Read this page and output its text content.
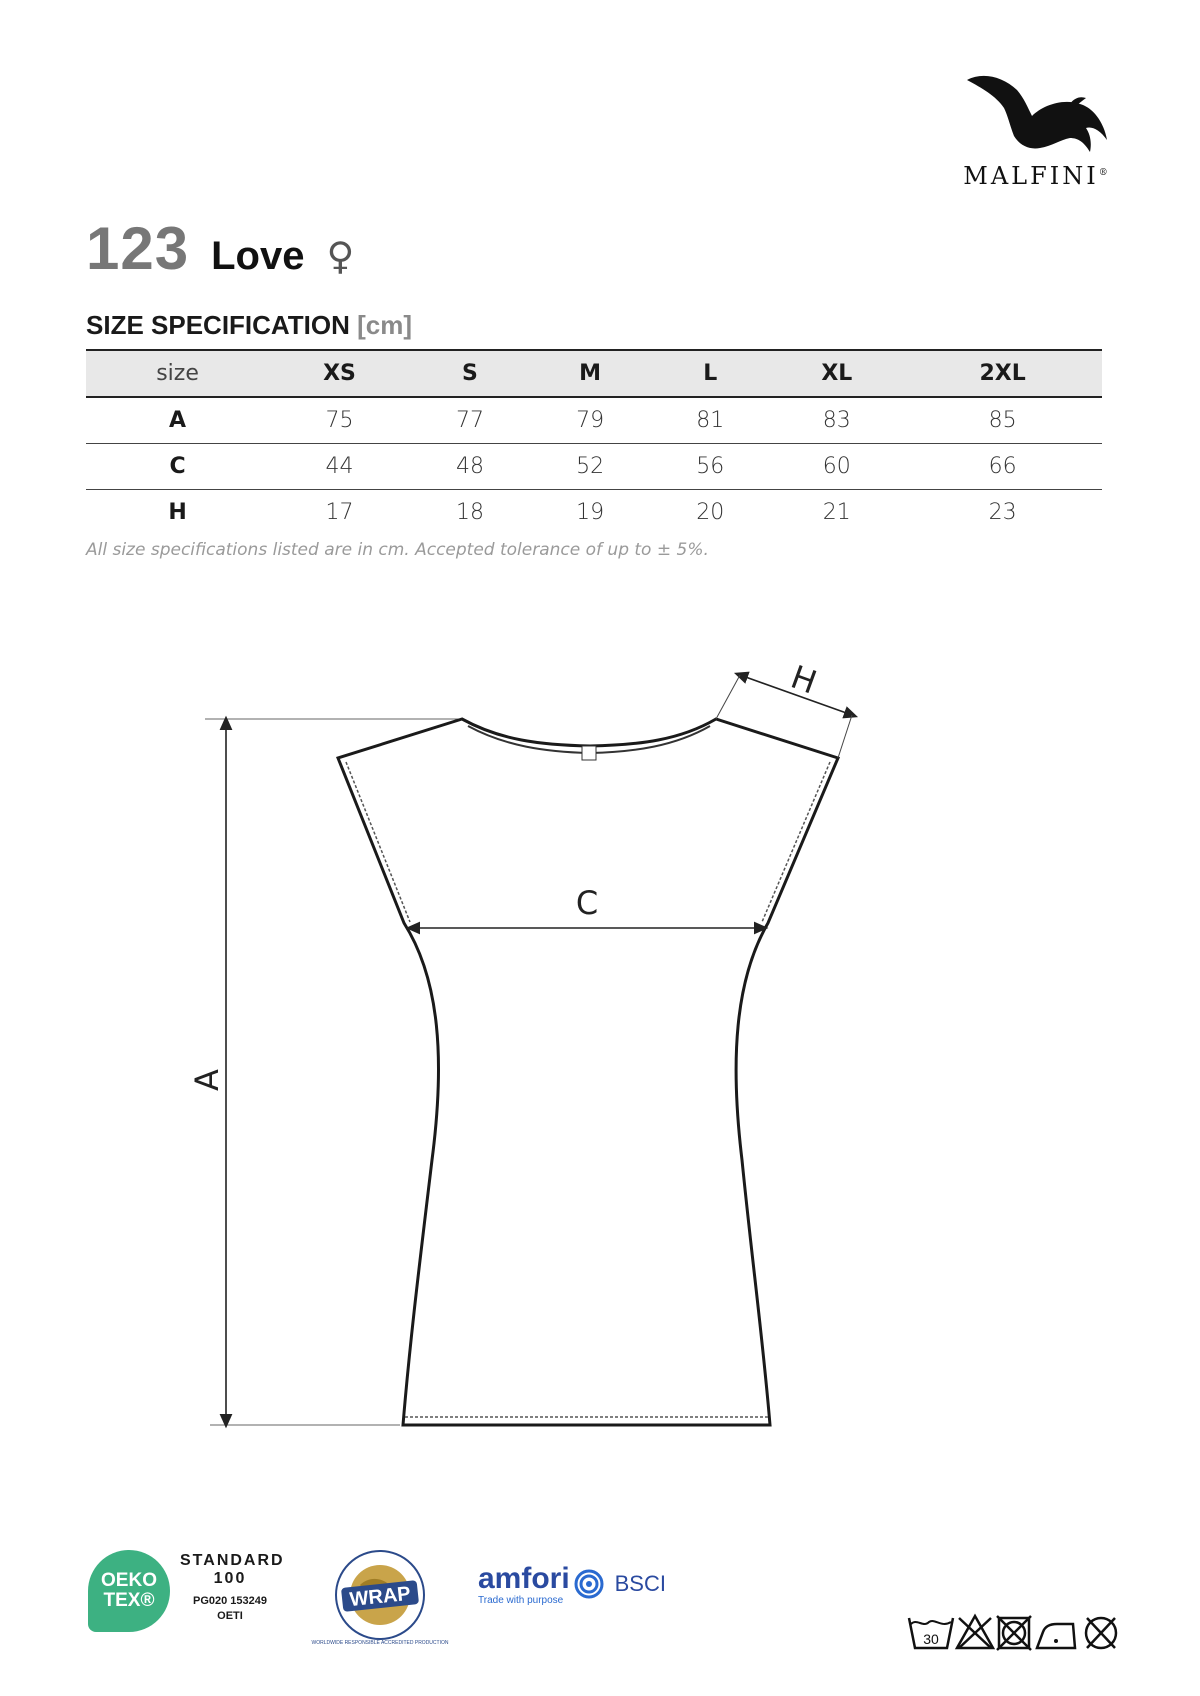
MALFINI®
123 Love ♀
SIZE SPECIFICATION [cm]
size	XS	S	M	L	XL	2XL
A	75	77	79	81	83	85
C	44	48	52	56	60	66
H	17	18	19	20	21	23
All size specifications listed are in cm. Accepted tolerance of up to ± 5%.
A
C
H
OEKO
TEX®
STANDARD
100
PG020 153249
OETI
WRAP
WORLDWIDE RESPONSIBLE ACCREDITED PRODUCTION
amfori BSCI
Trade with purpose
30
